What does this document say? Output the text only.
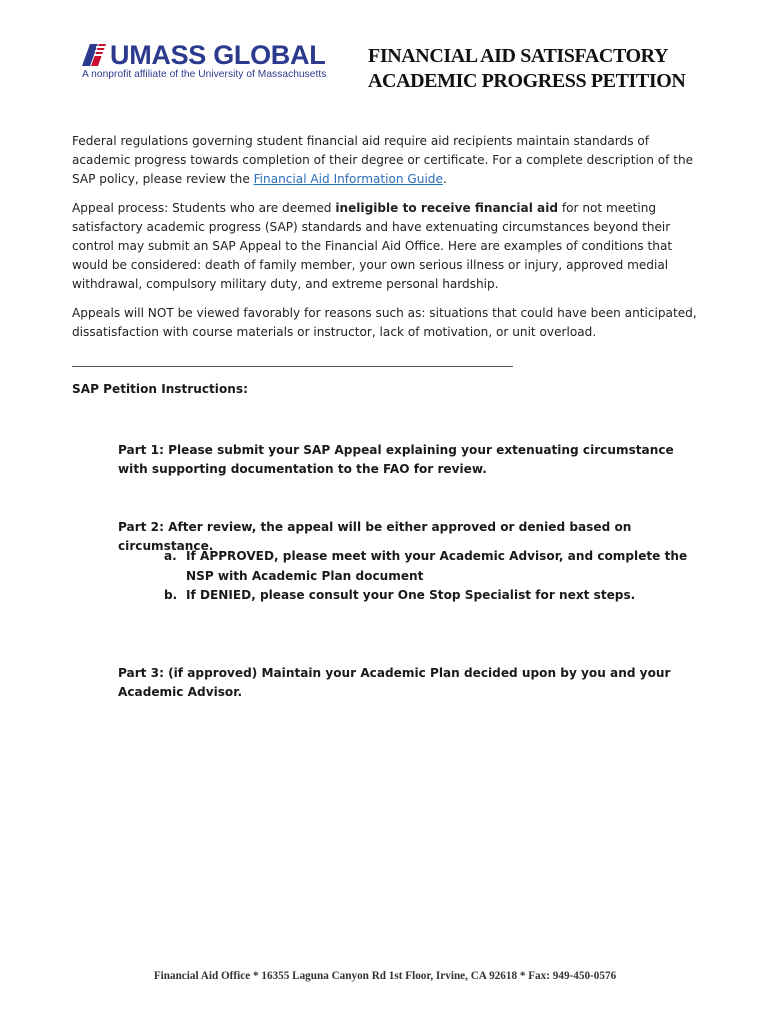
UMASS GLOBAL
A nonprofit affiliate of the University of Massachusetts
FINANCIAL AID SATISFACTORY
ACADEMIC PROGRESS PETITION

Federal regulations governing student financial aid require aid recipients maintain standards of academic progress towards completion of their degree or certificate. For a complete description of the SAP policy, please review the Financial Aid Information Guide.

Appeal process: Students who are deemed ineligible to receive financial aid for not meeting satisfactory academic progress (SAP) standards and have extenuating circumstances beyond their control may submit an SAP Appeal to the Financial Aid Office. Here are examples of conditions that would be considered: death of family member, your own serious illness or injury, approved medial withdrawal, compulsory military duty, and extreme personal hardship.

Appeals will NOT be viewed favorably for reasons such as: situations that could have been anticipated, dissatisfaction with course materials or instructor, lack of motivation, or unit overload.

SAP Petition Instructions:

Part 1: Please submit your SAP Appeal explaining your extenuating circumstance with supporting documentation to the FAO for review.

Part 2: After review, the appeal will be either approved or denied based on circumstance.

a. If APPROVED, please meet with your Academic Advisor, and complete the NSP with Academic Plan document
b. If DENIED, please consult your One Stop Specialist for next steps.

Part 3: (if approved) Maintain your Academic Plan decided upon by you and your Academic Advisor.

Financial Aid Office * 16355 Laguna Canyon Rd 1st Floor, Irvine, CA 92618 * Fax: 949-450-0576
